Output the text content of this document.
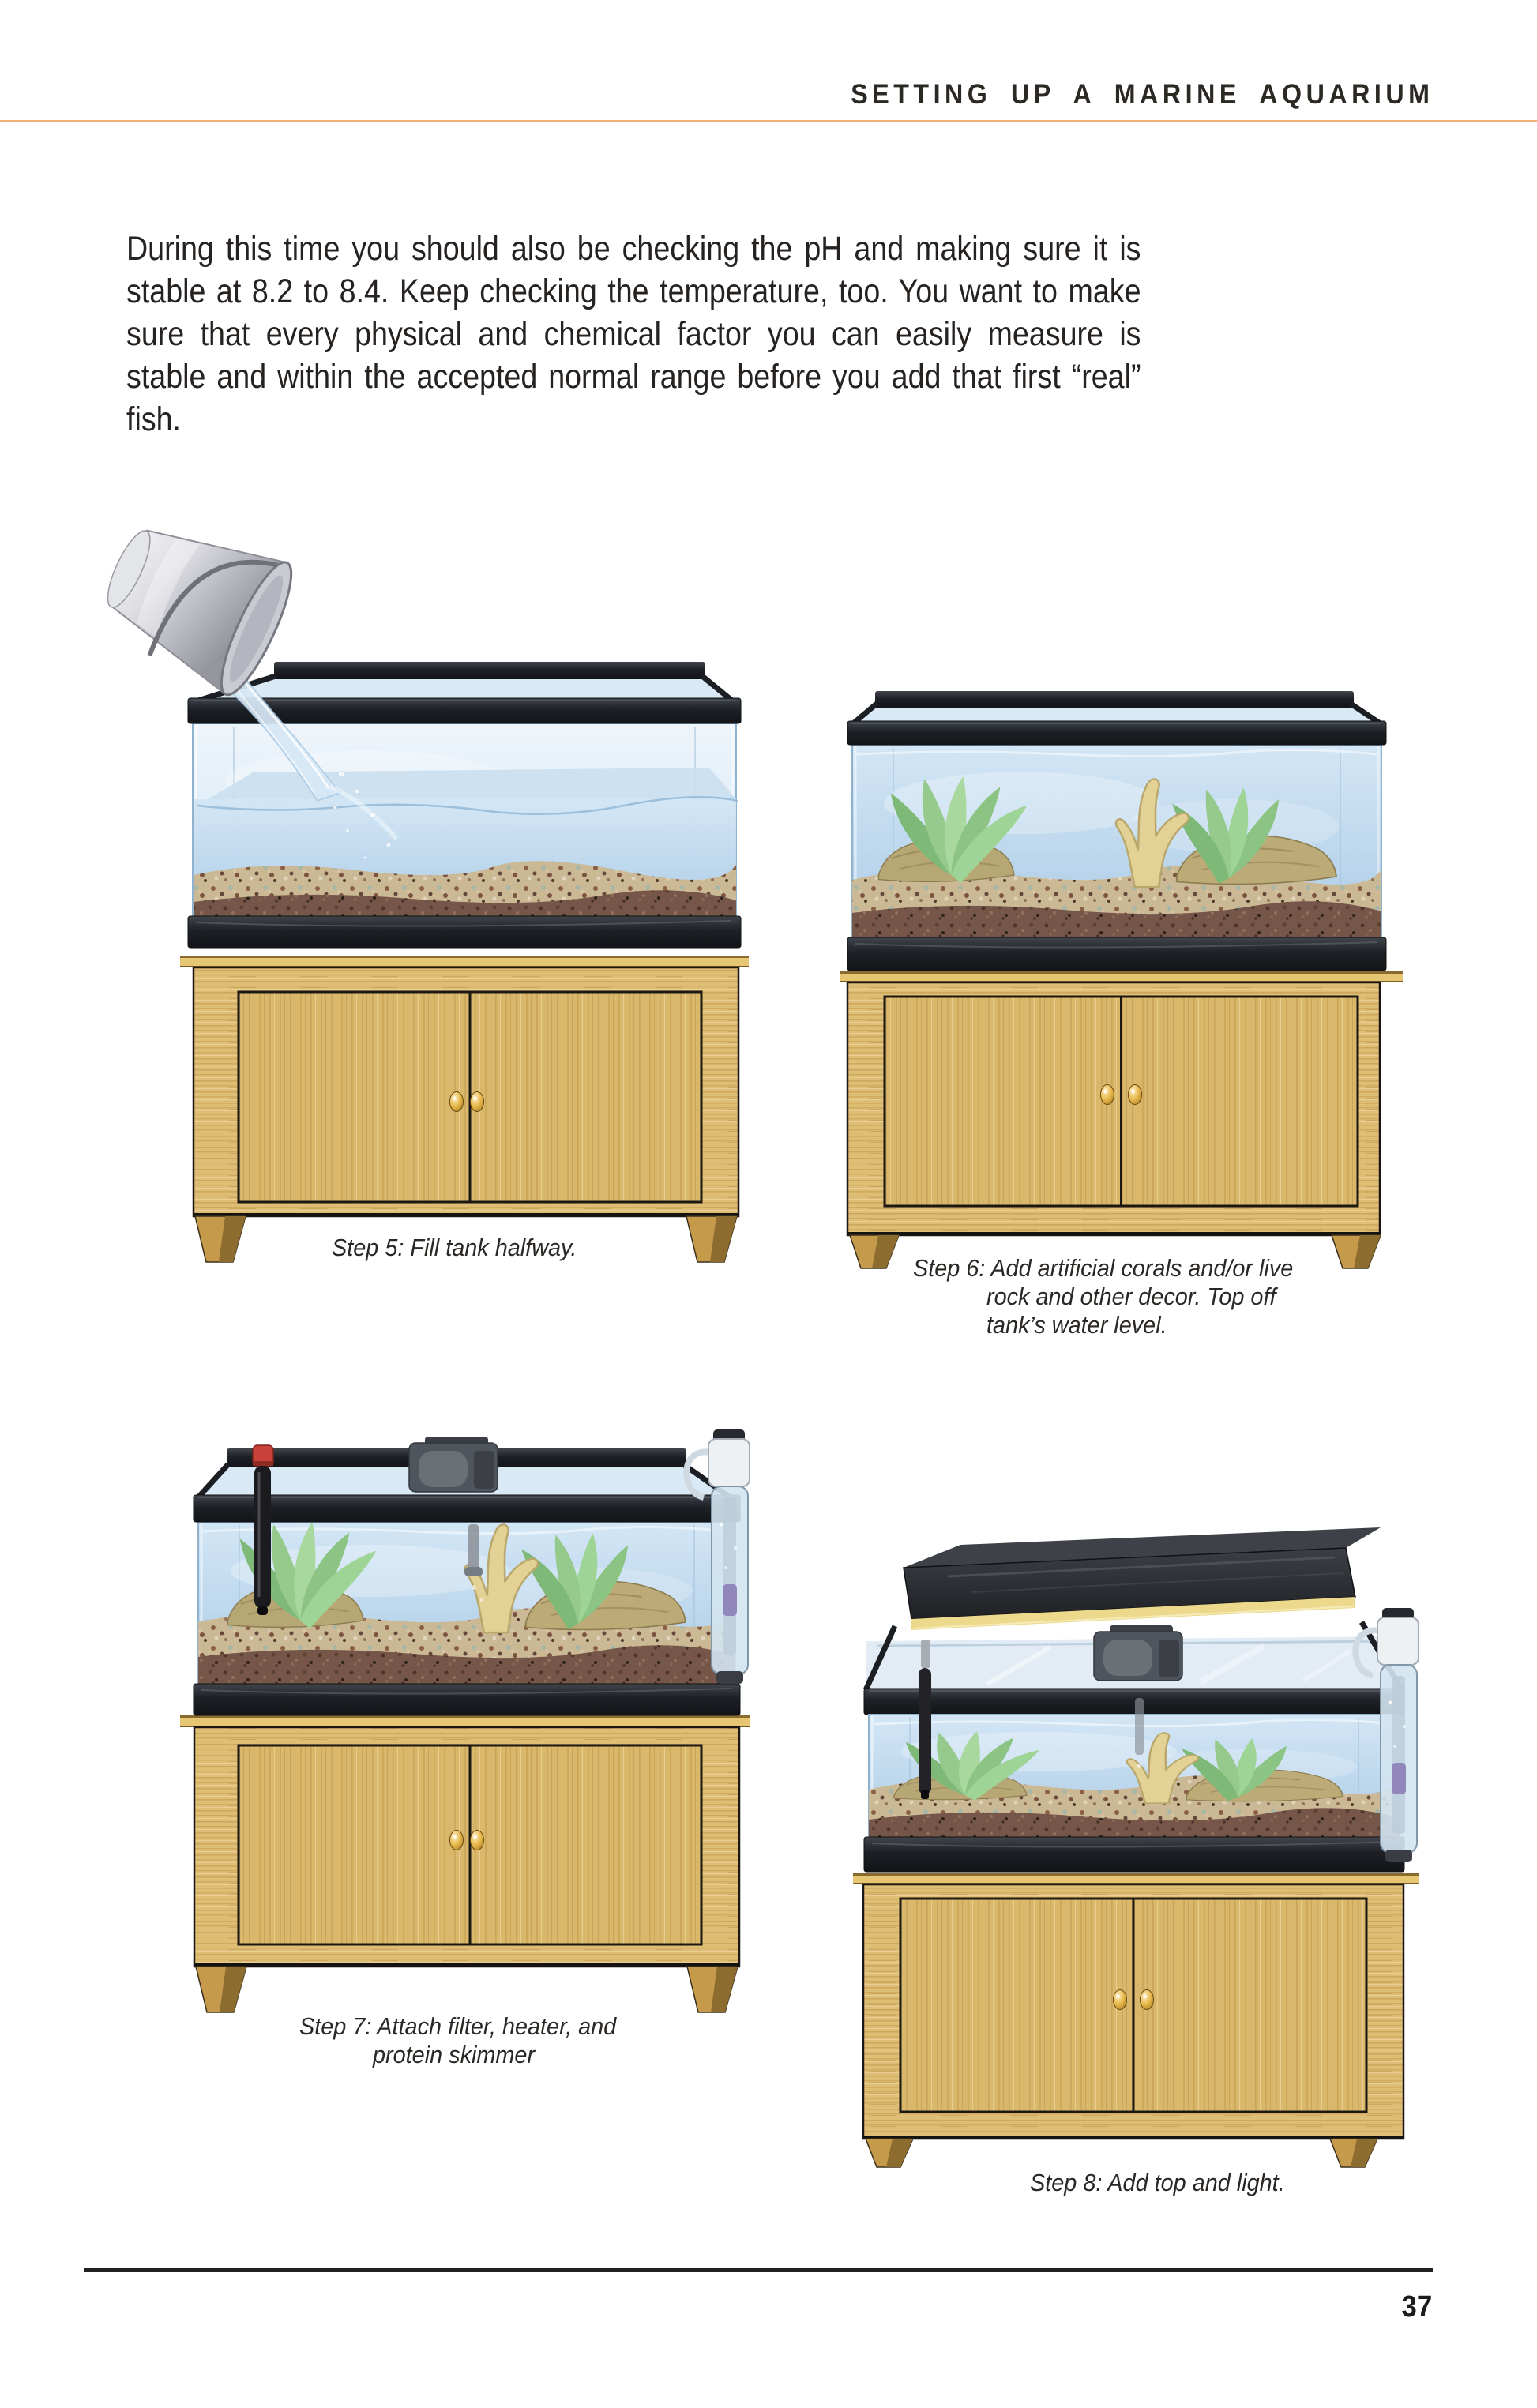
SETTING UP A MARINE AQUARIUM
During this time you should also be checking the pH and making sure it is stable at 8.2 to 8.4. Keep checking the temperature, too. You want to make sure that every physical and chemical factor you can easily measure is stable and within the accepted normal range before you add that first “real” fish.
Step 5: Fill tank halfway.
Step 6: Add artificial corals and/or live
rock and other decor. Top off
tank’s water level.
Step 7: Attach filter, heater, and
protein skimmer
Step 8: Add top and light.
37
